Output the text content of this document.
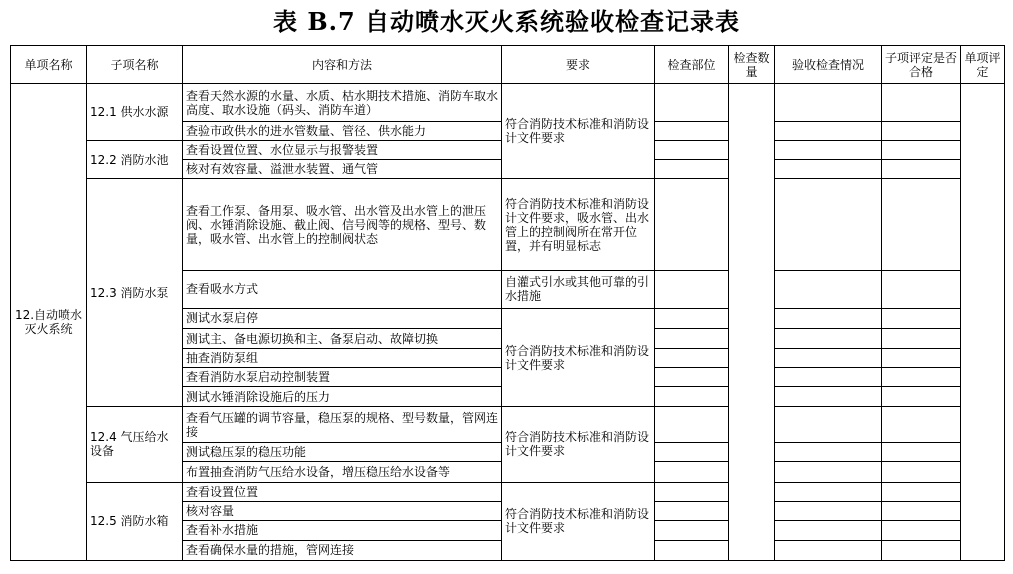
表 B.7 自动喷水灭火系统验收检查记录表
单项名称	子项名称	内容和方法	要求	检查部位	检查数量	验收检查情况	子项评定是否合格	单项评定
12.自动喷水灭火系统	12.1 供水水源	查看天然水源的水量、水质、枯水期技术措施、消防车取水高度、取水设施（码头、消防车道）	符合消防技术标准和消防设计文件要求					
		查验市政供水的进水管数量、管径、供水能力						
	12.2 消防水池	查看设置位置、水位显示与报警装置						
		核对有效容量、溢泄水装置、通气管						
	12.3 消防水泵	查看工作泵、备用泵、吸水管、出水管及出水管上的泄压阀、水锤消除设施、截止阀、信号阀等的规格、型号、数量，吸水管、出水管上的控制阀状态	符合消防技术标准和消防设计文件要求，吸水管、出水管上的控制阀所在常开位置，并有明显标志					
		查看吸水方式	自灌式引水或其他可靠的引水措施					
		测试水泵启停	符合消防技术标准和消防设计文件要求					
		测试主、备电源切换和主、备泵启动、故障切换						
		抽查消防泵组						
		查看消防水泵启动控制装置						
		测试水锤消除设施后的压力						
	12.4 气压给水设备	查看气压罐的调节容量，稳压泵的规格、型号数量，管网连接	符合消防技术标准和消防设计文件要求					
		测试稳压泵的稳压功能						
		布置抽查消防气压给水设备，增压稳压给水设备等						
	12.5 消防水箱	查看设置位置	符合消防技术标准和消防设计文件要求					
		核对容量						
		查看补水措施						
		查看确保水量的措施，管网连接						
